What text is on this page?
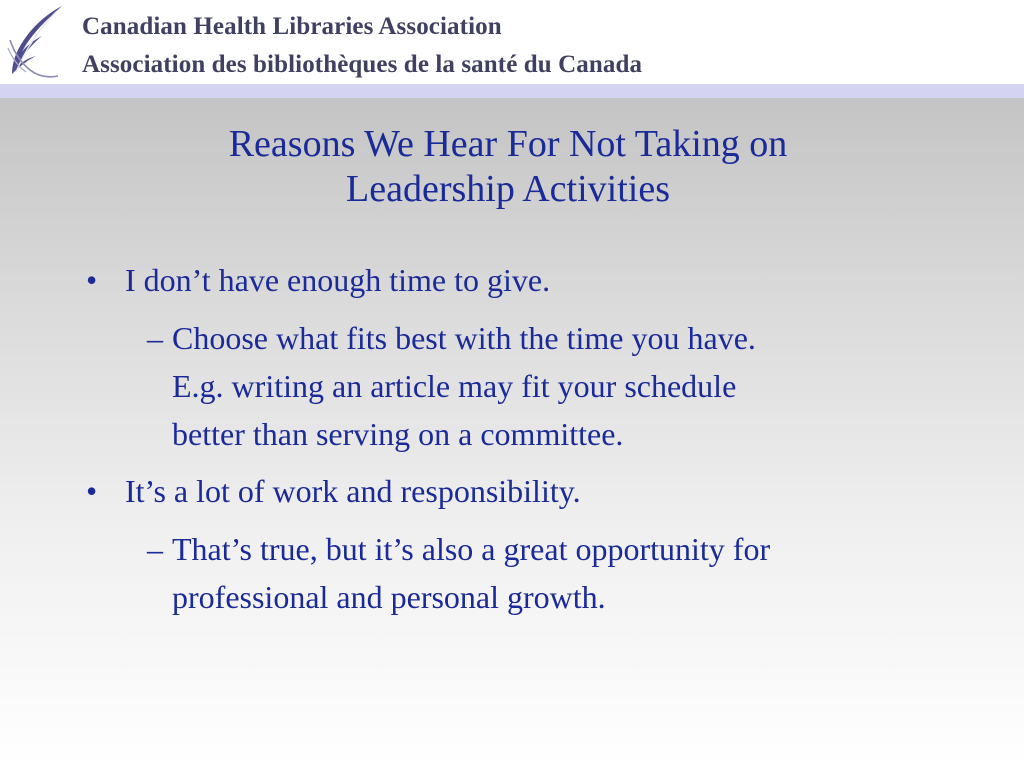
Canadian Health Libraries Association
Association des bibliothèques de la santé du Canada
Reasons We Hear For Not Taking on
Leadership Activities
• I don’t have enough time to give.
– Choose what fits best with the time you have.
E.g. writing an article may fit your schedule
better than serving on a committee.
• It’s a lot of work and responsibility.
– That’s true, but it’s also a great opportunity for
professional and personal growth.
